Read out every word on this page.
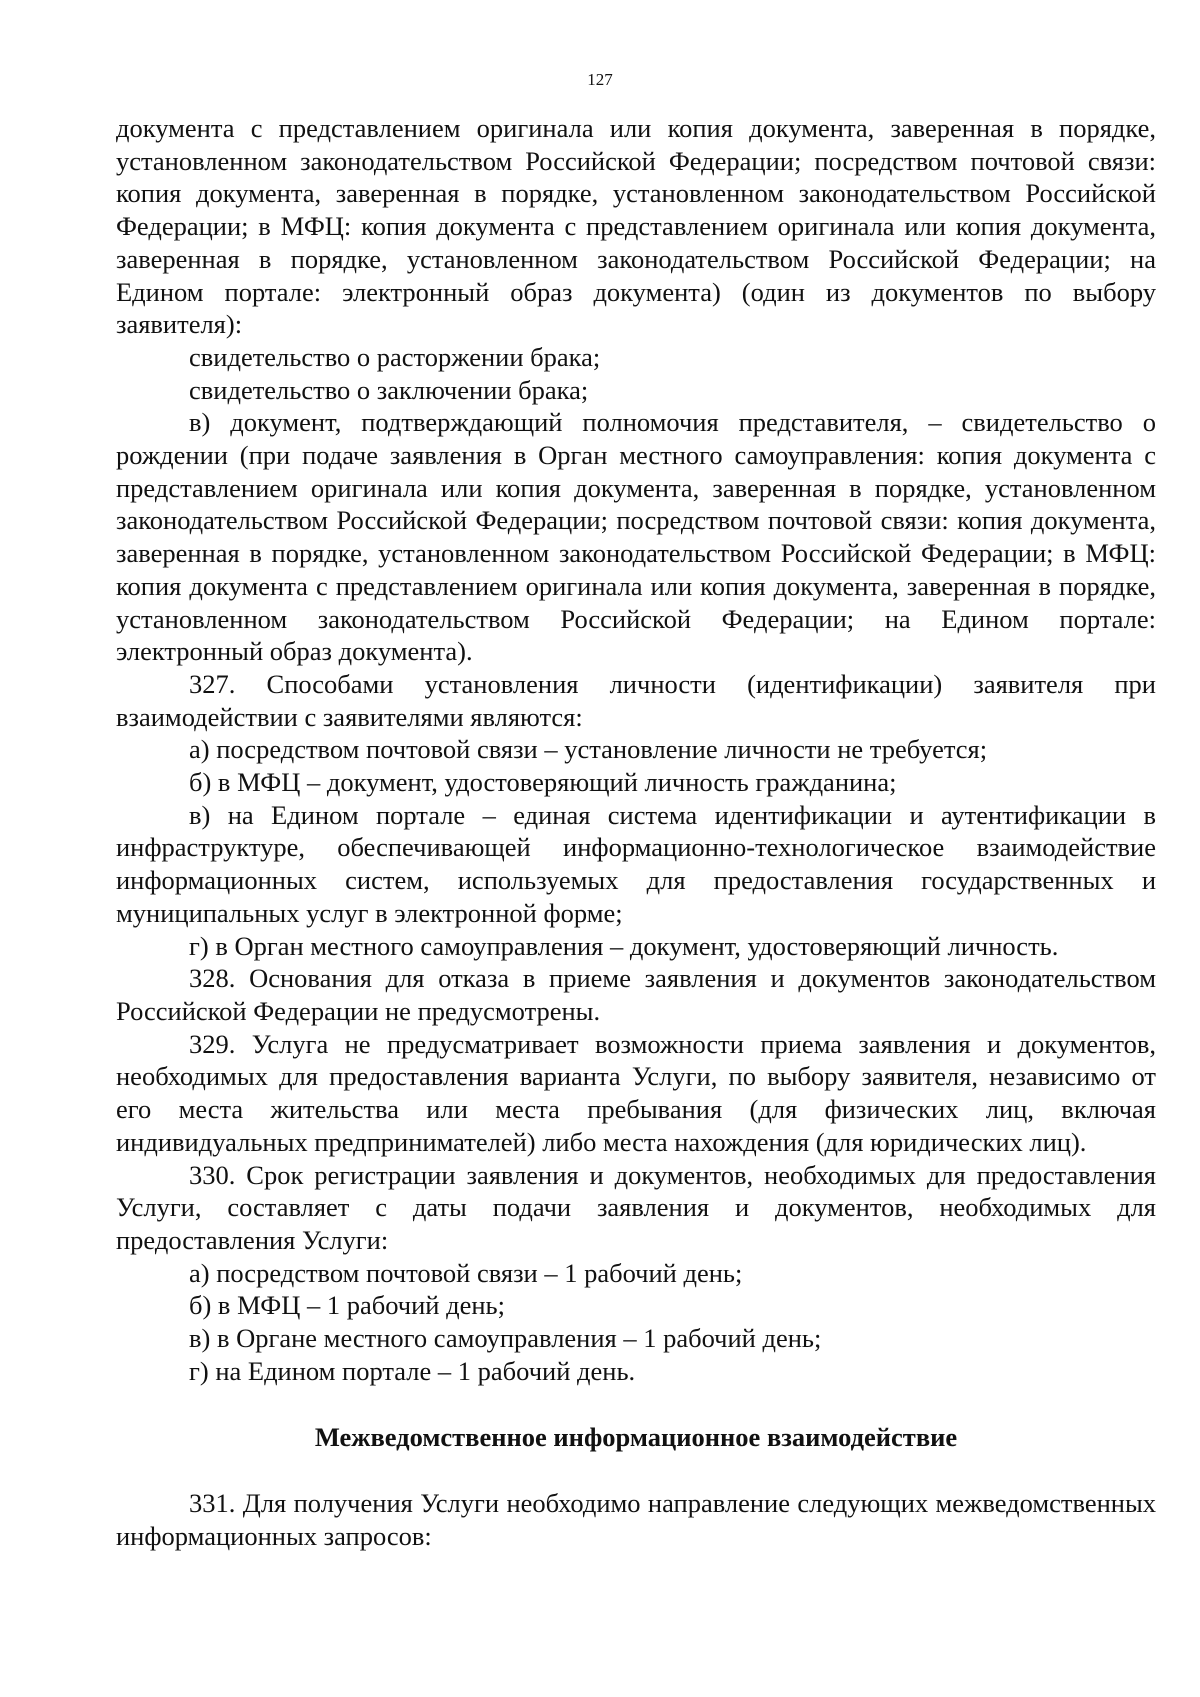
127

документа с представлением оригинала или копия документа, заверенная в порядке, установленном законодательством Российской Федерации; посредством почтовой связи: копия документа, заверенная в порядке, установленном законодательством Российской Федерации; в МФЦ: копия документа с представлением оригинала или копия документа, заверенная в порядке, установленном законодательством Российской Федерации; на Едином портале: электронный образ документа) (один из документов по выбору заявителя):

свидетельство о расторжении брака;

свидетельство о заключении брака;

в) документ, подтверждающий полномочия представителя, – свидетельство о рождении (при подаче заявления в Орган местного самоуправления: копия документа с представлением оригинала или копия документа, заверенная в порядке, установленном законодательством Российской Федерации; посредством почтовой связи: копия документа, заверенная в порядке, установленном законодательством Российской Федерации; в МФЦ: копия документа с представлением оригинала или копия документа, заверенная в порядке, установленном законодательством Российской Федерации; на Едином портале: электронный образ документа).

327. Способами установления личности (идентификации) заявителя при взаимодействии с заявителями являются:

а) посредством почтовой связи – установление личности не требуется;

б) в МФЦ – документ, удостоверяющий личность гражданина;

в) на Едином портале – единая система идентификации и аутентификации в инфраструктуре, обеспечивающей информационно-технологическое взаимодействие информационных систем, используемых для предоставления государственных и муниципальных услуг в электронной форме;

г) в Орган местного самоуправления – документ, удостоверяющий личность.

328. Основания для отказа в приеме заявления и документов законодательством Российской Федерации не предусмотрены.

329. Услуга не предусматривает возможности приема заявления и документов, необходимых для предоставления варианта Услуги, по выбору заявителя, независимо от его места жительства или места пребывания (для физических лиц, включая индивидуальных предпринимателей) либо места нахождения (для юридических лиц).

330. Срок регистрации заявления и документов, необходимых для предоставления Услуги, составляет с даты подачи заявления и документов, необходимых для предоставления Услуги:

а) посредством почтовой связи – 1 рабочий день;

б) в МФЦ – 1 рабочий день;

в) в Органе местного самоуправления – 1 рабочий день;

г) на Едином портале – 1 рабочий день.

Межведомственное информационное взаимодействие

331. Для получения Услуги необходимо направление следующих межведомственных информационных запросов:
